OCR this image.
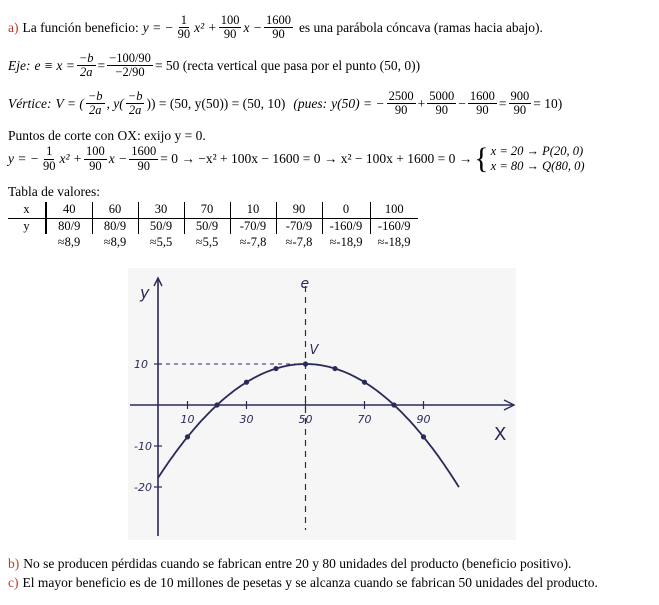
a) La función beneficio: y = − $\frac{1}{90} x^2 + \frac{100}{90}$ $x - \frac{1600}{90}$ es una parábola cóncava (ramas hacia abajo).
Eje: $e \equiv x = \frac{-b}{2a} = \frac{-100/90}{-2/90} = 50$ (recta vertical que pasa por el punto (50, 0))
Vértice: V = ( $\frac{-b}{2a}$ , $y( \frac{-b}{2a}$ )) = (50, y(50)) = (50, 10) (pues: y(50) = − $\frac{2500}{90} + \frac{5000}{90} - \frac{1600}{90} = \frac{900}{90} = 10$)
Puntos de corte con OX: exijo y = 0.
y = − $\frac{1}{90} x^2 + \frac{100}{90}$ $x - \frac{1600}{90} = 0 \to -x^2 + 100x - 1600 = 0 \to x^2 - 100x + 1600 = 0$ → { x = 20 → P(20, 0)
x = 80 → Q(80, 0)
Tabla de valores:
x	40	60	30	70	10	90	0	100
y	80/9	80/9	50/9	50/9	-70/9	-70/9	-160/9	-160/9
	≈8,9	≈8,9	≈5,5	≈5,5	≈-7,8	≈-7,8	≈-18,9	≈-18,9
y
X
e
V
10	30	50	70	90
10
-10
-20
b) No se producen pérdidas cuando se fabrican entre 20 y 80 unidades del producto (beneficio positivo).
c) El mayor beneficio es de 10 millones de pesetas y se alcanza cuando se fabrican 50 unidades del producto.
